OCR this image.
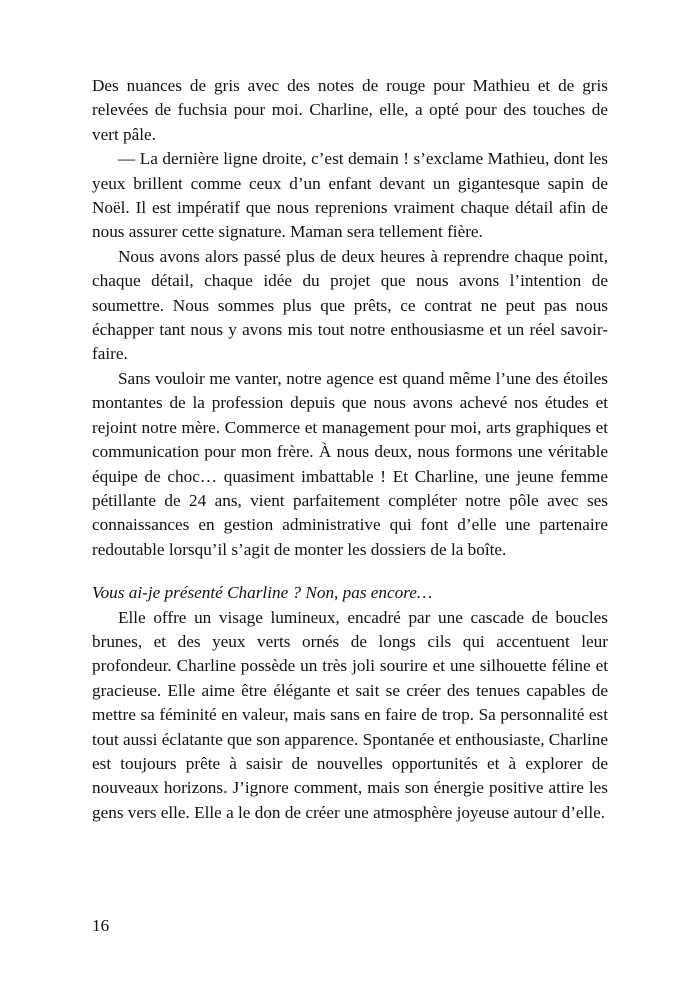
Des nuances de gris avec des notes de rouge pour Mathieu et de gris relevées de fuchsia pour moi. Charline, elle, a opté pour des touches de vert pâle.

— La dernière ligne droite, c’est demain ! s’exclame Mathieu, dont les yeux brillent comme ceux d’un enfant devant un gigantesque sapin de Noël. Il est impératif que nous reprenions vraiment chaque détail afin de nous assurer cette signature. Maman sera tellement fière.

Nous avons alors passé plus de deux heures à reprendre chaque point, chaque détail, chaque idée du projet que nous avons l’intention de soumettre. Nous sommes plus que prêts, ce contrat ne peut pas nous échapper tant nous y avons mis tout notre enthousiasme et un réel savoir-faire.

Sans vouloir me vanter, notre agence est quand même l’une des étoiles montantes de la profession depuis que nous avons achevé nos études et rejoint notre mère. Commerce et management pour moi, arts graphiques et communication pour mon frère. À nous deux, nous formons une véritable équipe de choc… quasiment imbattable ! Et Charline, une jeune femme pétillante de 24 ans, vient parfaitement compléter notre pôle avec ses connaissances en gestion administrative qui font d’elle une partenaire redoutable lorsqu’il s’agit de monter les dossiers de la boîte.

Vous ai-je présenté Charline ? Non, pas encore…

Elle offre un visage lumineux, encadré par une cascade de boucles brunes, et des yeux verts ornés de longs cils qui accentuent leur profondeur. Charline possède un très joli sourire et une silhouette féline et gracieuse. Elle aime être élégante et sait se créer des tenues capables de mettre sa féminité en valeur, mais sans en faire de trop. Sa personnalité est tout aussi éclatante que son apparence. Spontanée et enthousiaste, Charline est toujours prête à saisir de nouvelles opportunités et à explorer de nouveaux horizons. J’ignore comment, mais son énergie positive attire les gens vers elle. Elle a le don de créer une atmosphère joyeuse autour d’elle.

16
